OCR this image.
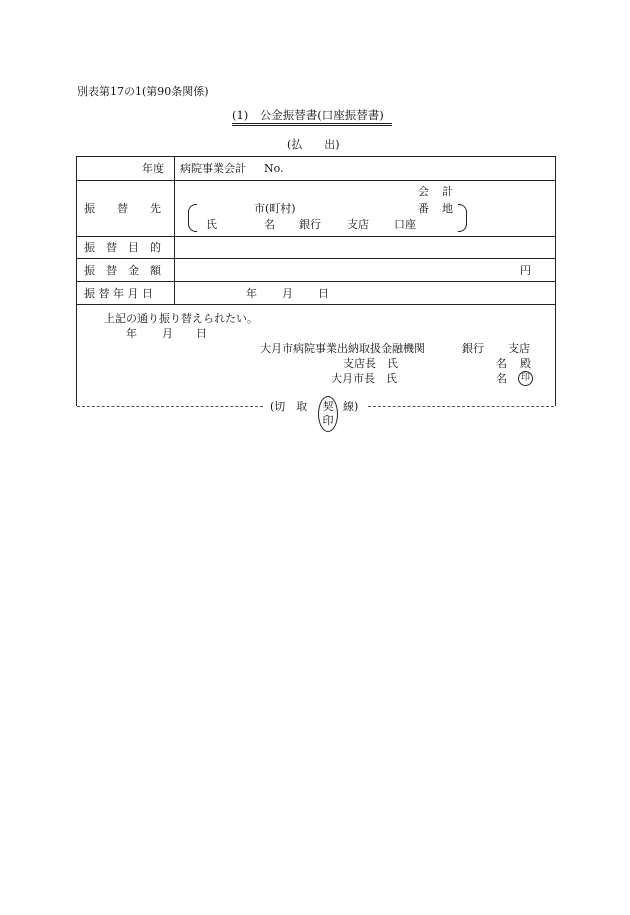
別表第17の1(第90条関係)
(1)　公金振替書(口座振替書)
(払　　出)
年度 病院事業会計 No.
振　　替　　先
会 計
市(町村)	番 地
氏	名 銀行 支店 口座
振　替　目　的
振　替　金　額	円
振 替 年 月 日	年 月 日
上記の通り振り替えられたい。
年 月 日
大月市病院事業出納取扱金融機関	銀行 支店
支店長　氏	名 殿
大月市長　氏	名 印
(切　取 契
印
線)
